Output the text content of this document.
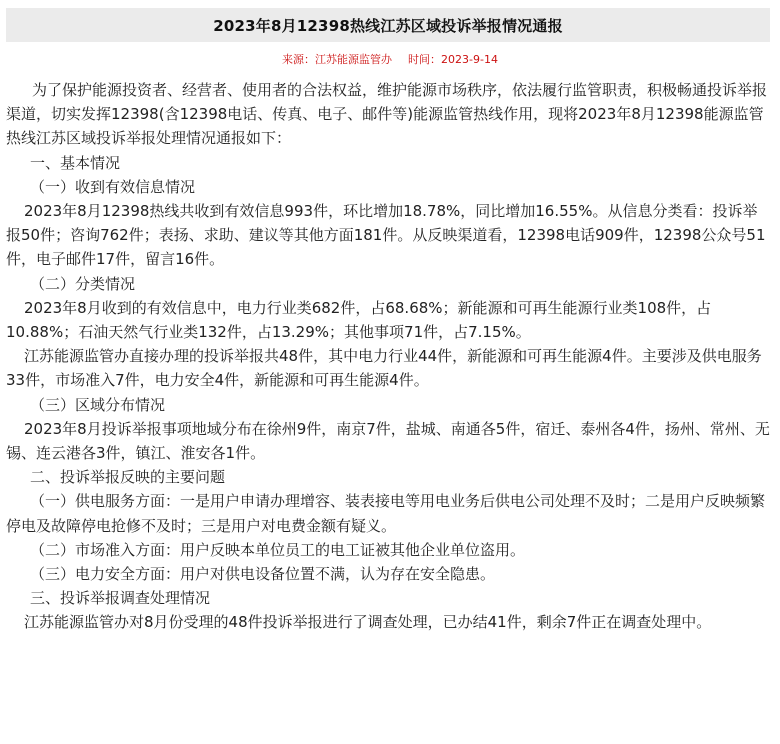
2023年8月12398热线江苏区域投诉举报情况通报
来源：江苏能源监管办 时间：2023-9-14

为了保护能源投资者、经营者、使用者的合法权益，维护能源市场秩序，依法履行监管职责，积极畅通投诉举报渠道，切实发挥12398(含12398电话、传真、电子、邮件等)能源监管热线作用，现将2023年8月12398能源监管热线江苏区域投诉举报处理情况通报如下：

一、基本情况

（一）收到有效信息情况

2023年8月12398热线共收到有效信息993件，环比增加18.78%，同比增加16.55%。从信息分类看：投诉举报50件；咨询762件；表扬、求助、建议等其他方面181件。从反映渠道看，12398电话909件，12398公众号51件，电子邮件17件，留言16件。

（二）分类情况

2023年8月收到的有效信息中，电力行业类682件，占68.68%；新能源和可再生能源行业类108件，占10.88%；石油天然气行业类132件，占13.29%；其他事项71件，占7.15%。

江苏能源监管办直接办理的投诉举报共48件，其中电力行业44件，新能源和可再生能源4件。主要涉及供电服务33件，市场准入7件，电力安全4件，新能源和可再生能源4件。

（三）区域分布情况

2023年8月投诉举报事项地域分布在徐州9件，南京7件，盐城、南通各5件，宿迁、泰州各4件，扬州、常州、无锡、连云港各3件，镇江、淮安各1件。

二、投诉举报反映的主要问题

（一）供电服务方面：一是用户申请办理增容、装表接电等用电业务后供电公司处理不及时；二是用户反映频繁停电及故障停电抢修不及时；三是用户对电费金额有疑义。

（二）市场准入方面：用户反映本单位员工的电工证被其他企业单位盗用。

（三）电力安全方面：用户对供电设备位置不满，认为存在安全隐患。

三、投诉举报调查处理情况

江苏能源监管办对8月份受理的48件投诉举报进行了调查处理，已办结41件，剩余7件正在调查处理中。
